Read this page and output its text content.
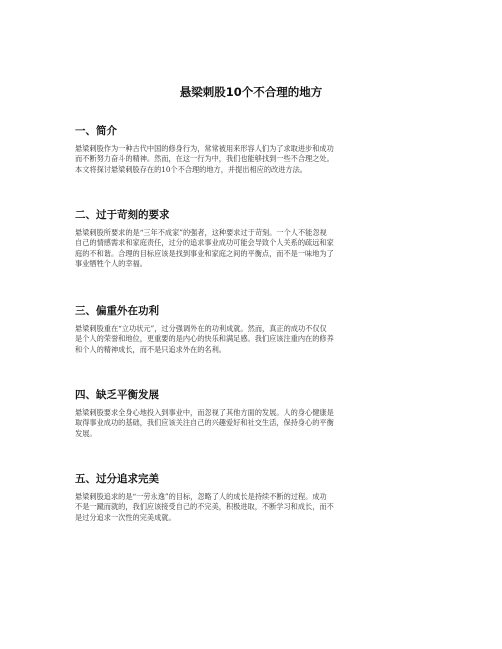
悬梁刺股10个不合理的地方
一、简介

悬梁刺股作为一种古代中国的修身行为，常常被用来形容人们为了求取进步和成功
而不断努力奋斗的精神。然而，在这一行为中，我们也能够找到一些不合理之处。
本文将探讨悬梁刺股存在的10个不合理的地方，并提出相应的改进方法。

二、过于苛刻的要求

悬梁刺股所要求的是“三年不成家”的强者，这种要求过于苛刻。一个人不能忽视
自己的情感需求和家庭责任，过分的追求事业成功可能会导致个人关系的疏远和家
庭的不和谐。合理的目标应该是找到事业和家庭之间的平衡点，而不是一味地为了
事业牺牲个人的幸福。

三、偏重外在功利

悬梁刺股重在“立功状元”，过分强调外在的功利成就。然而，真正的成功不仅仅
是个人的荣誉和地位，更重要的是内心的快乐和满足感。我们应该注重内在的修养
和个人的精神成长，而不是只追求外在的名利。

四、缺乏平衡发展

悬梁刺股要求全身心地投入到事业中，而忽视了其他方面的发展。人的身心健康是
取得事业成功的基础，我们应该关注自己的兴趣爱好和社交生活，保持身心的平衡
发展。

五、过分追求完美

悬梁刺股追求的是“一劳永逸”的目标，忽略了人的成长是持续不断的过程。成功
不是一蹴而就的，我们应该接受自己的不完美，积极进取，不断学习和成长，而不
是过分追求一次性的完美成就。
